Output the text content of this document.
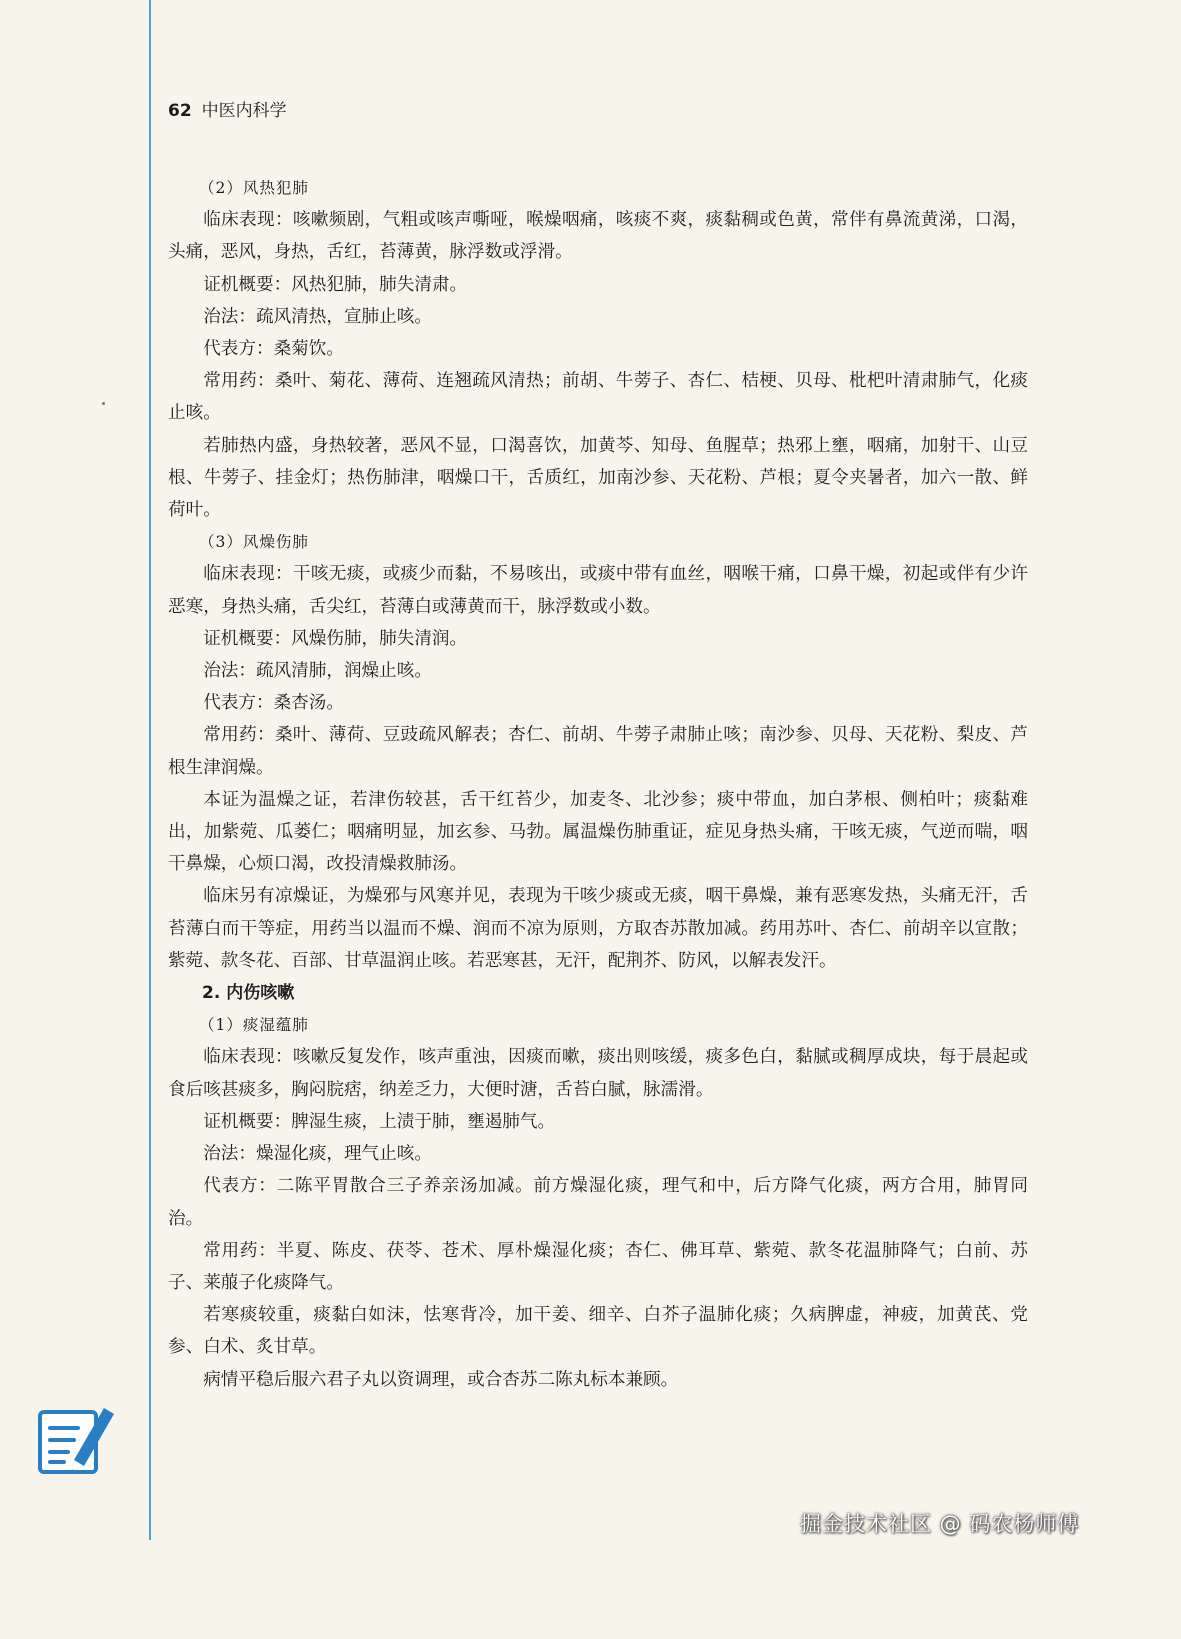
62 中医内科学

（2）风热犯肺

临床表现：咳嗽频剧，气粗或咳声嘶哑，喉燥咽痛，咳痰不爽，痰黏稠或色黄，常伴有鼻流黄涕，口渴，头痛，恶风，身热，舌红，苔薄黄，脉浮数或浮滑。

证机概要：风热犯肺，肺失清肃。

治法：疏风清热，宣肺止咳。

代表方：桑菊饮。

常用药：桑叶、菊花、薄荷、连翘疏风清热；前胡、牛蒡子、杏仁、桔梗、贝母、枇杷叶清肃肺气，化痰止咳。

若肺热内盛，身热较著，恶风不显，口渴喜饮，加黄芩、知母、鱼腥草；热邪上壅，咽痛，加射干、山豆根、牛蒡子、挂金灯；热伤肺津，咽燥口干，舌质红，加南沙参、天花粉、芦根；夏令夹暑者，加六一散、鲜荷叶。

（3）风燥伤肺

临床表现：干咳无痰，或痰少而黏，不易咳出，或痰中带有血丝，咽喉干痛，口鼻干燥，初起或伴有少许恶寒，身热头痛，舌尖红，苔薄白或薄黄而干，脉浮数或小数。

证机概要：风燥伤肺，肺失清润。

治法：疏风清肺，润燥止咳。

代表方：桑杏汤。

常用药：桑叶、薄荷、豆豉疏风解表；杏仁、前胡、牛蒡子肃肺止咳；南沙参、贝母、天花粉、梨皮、芦根生津润燥。

本证为温燥之证，若津伤较甚，舌干红苔少，加麦冬、北沙参；痰中带血，加白茅根、侧柏叶；痰黏难出，加紫菀、瓜蒌仁；咽痛明显，加玄参、马勃。属温燥伤肺重证，症见身热头痛，干咳无痰，气逆而喘，咽干鼻燥，心烦口渴，改投清燥救肺汤。

临床另有凉燥证，为燥邪与风寒并见，表现为干咳少痰或无痰，咽干鼻燥，兼有恶寒发热，头痛无汗，舌苔薄白而干等症，用药当以温而不燥、润而不凉为原则，方取杏苏散加减。药用苏叶、杏仁、前胡辛以宣散；紫菀、款冬花、百部、甘草温润止咳。若恶寒甚，无汗，配荆芥、防风，以解表发汗。

2. 内伤咳嗽

（1）痰湿蕴肺

临床表现：咳嗽反复发作，咳声重浊，因痰而嗽，痰出则咳缓，痰多色白，黏腻或稠厚成块，每于晨起或食后咳甚痰多，胸闷脘痞，纳差乏力，大便时溏，舌苔白腻，脉濡滑。

证机概要：脾湿生痰，上渍于肺，壅遏肺气。

治法：燥湿化痰，理气止咳。

代表方：二陈平胃散合三子养亲汤加减。前方燥湿化痰，理气和中，后方降气化痰，两方合用，肺胃同治。

常用药：半夏、陈皮、茯苓、苍术、厚朴燥湿化痰；杏仁、佛耳草、紫菀、款冬花温肺降气；白前、苏子、莱菔子化痰降气。

若寒痰较重，痰黏白如沫，怯寒背冷，加干姜、细辛、白芥子温肺化痰；久病脾虚，神疲，加黄芪、党参、白术、炙甘草。

病情平稳后服六君子丸以资调理，或合杏苏二陈丸标本兼顾。

掘金技术社区 @ 码农杨师傅
